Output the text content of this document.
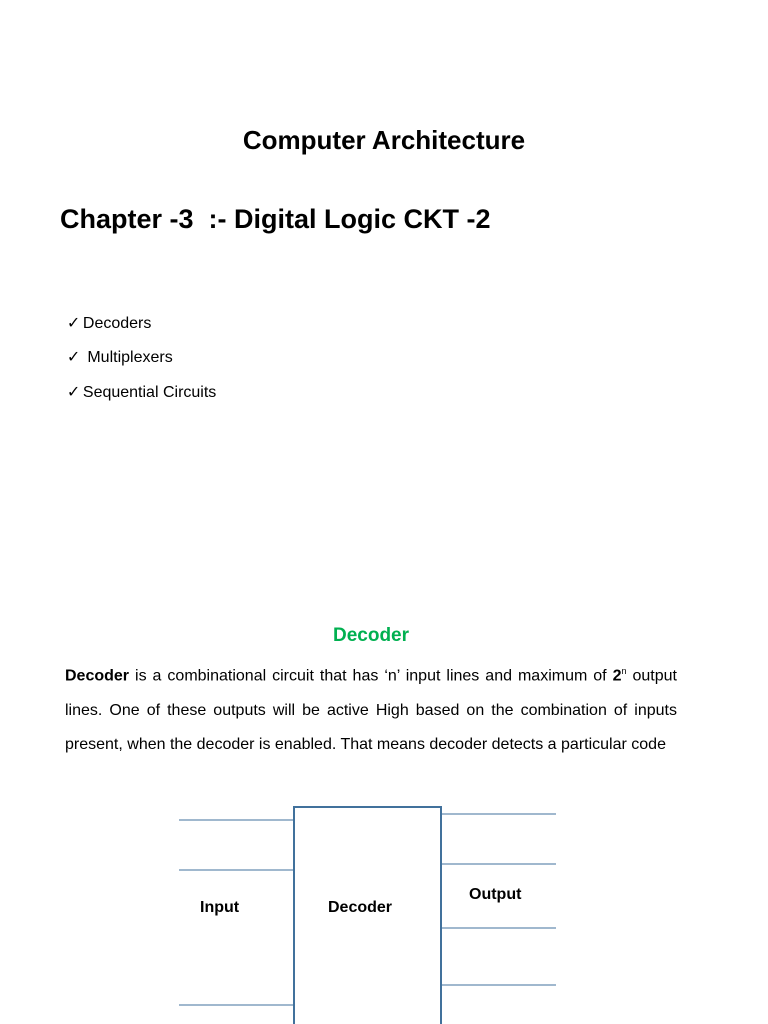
Computer Architecture
Chapter -3  :- Digital Logic CKT -2

✓ Decoders

✓ Multiplexers

✓ Sequential Circuits

Decoder
Decoder is a combinational circuit that has ‘n’ input lines and maximum of 2$^n$ output lines. One of these outputs will be active High based on the combination of inputs present, when the decoder is enabled. That means decoder detects a particular code
Input	Decoder
Output
